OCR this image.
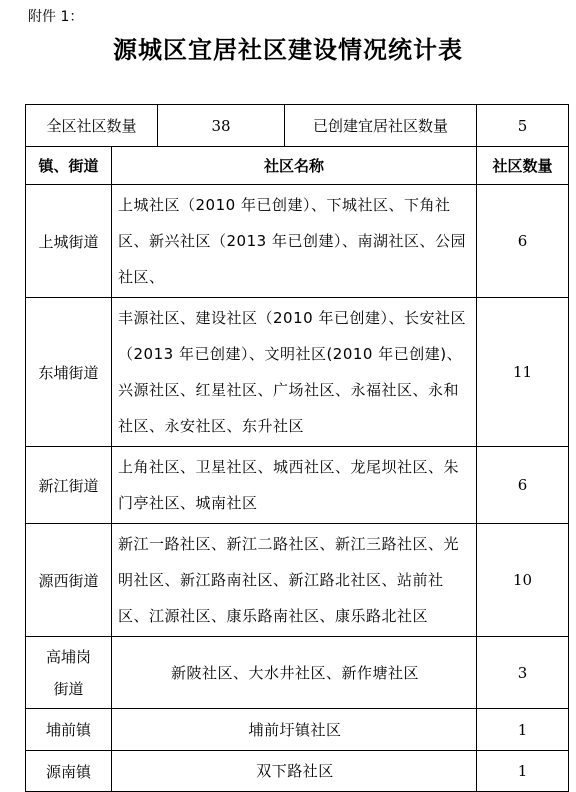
附件 1：
源城区宜居社区建设情况统计表
全区社区数量		38	已创建宜居社区数量	5
镇、街道	社区名称			社区数量
上城街道	上城社区（2010 年已创建）、下城社区、下角社区、新兴社区（2013 年已创建）、南湖社区、公园社区、			6
东埔街道	丰源社区、建设社区（2010 年已创建）、长安社区（2013 年已创建）、文明社区(2010 年已创建)、兴源社区、红星社区、广场社区、永福社区、永和社区、永安社区、东升社区			11
新江街道	上角社区、卫星社区、城西社区、龙尾坝社区、朱门亭社区、城南社区			6
源西街道	新江一路社区、新江二路社区、新江三路社区、光明社区、新江路南社区、新江路北社区、站前社区、江源社区、康乐路南社区、康乐路北社区			10
高埔岗街道	新陂社区、大水井社区、新作塘社区			3
埔前镇	埔前圩镇社区			1
源南镇	双下路社区			1
